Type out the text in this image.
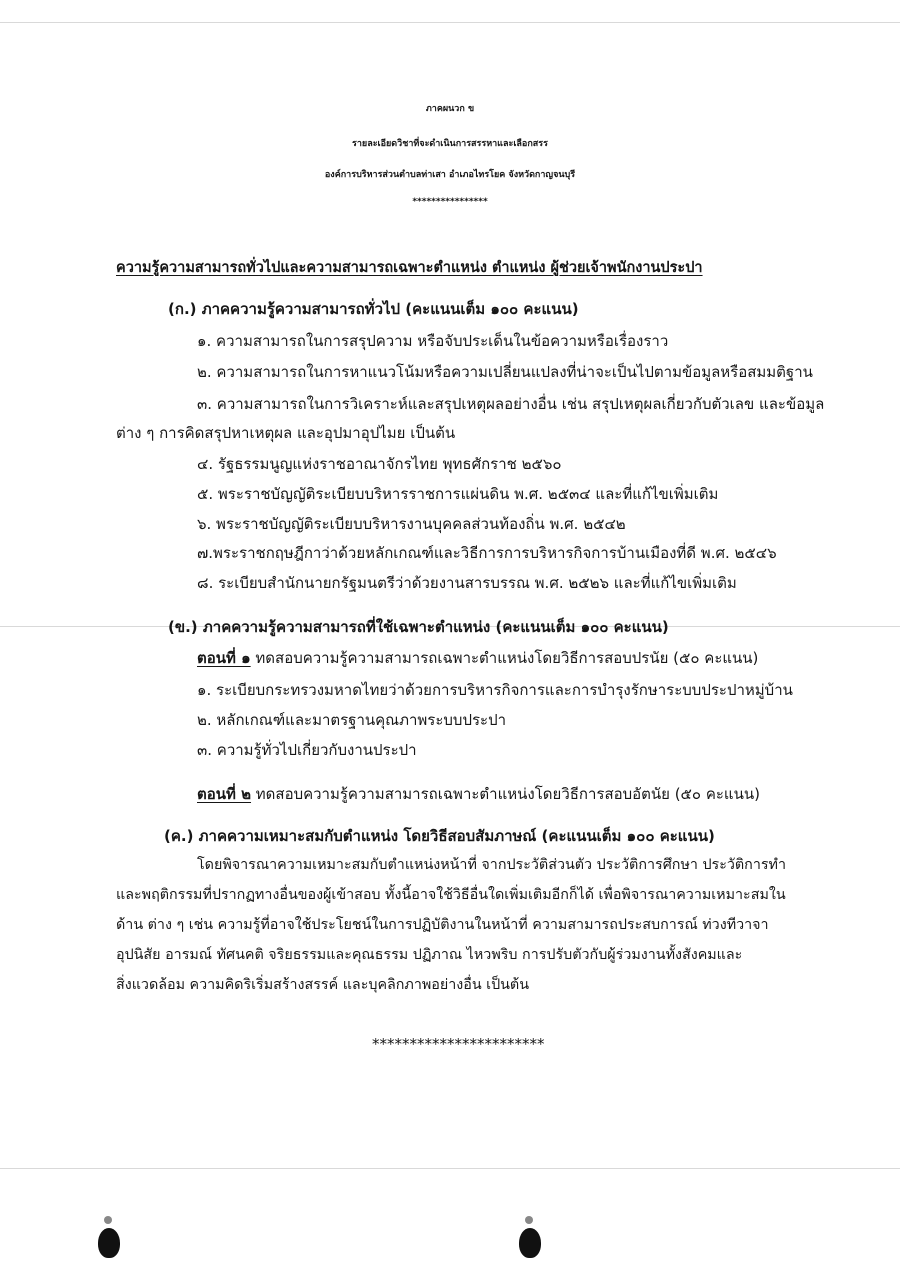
ภาคผนวก ข
รายละเอียดวิชาที่จะดำเนินการสรรหาและเลือกสรร
องค์การบริหารส่วนตำบลท่าเสา อำเภอไทรโยค จังหวัดกาญจนบุรี
****************
ความรู้ความสามารถทั่วไปและความสามารถเฉพาะตำแหน่ง ตำแหน่ง ผู้ช่วยเจ้าพนักงานประปา
(ก.) ภาคความรู้ความสามารถทั่วไป (คะแนนเต็ม ๑๐๐ คะแนน)
๑. ความสามารถในการสรุปความ หรือจับประเด็นในข้อความหรือเรื่องราว
๒. ความสามารถในการหาแนวโน้มหรือความเปลี่ยนแปลงที่น่าจะเป็นไปตามข้อมูลหรือสมมติฐาน
๓. ความสามารถในการวิเคราะห์และสรุปเหตุผลอย่างอื่น เช่น สรุปเหตุผลเกี่ยวกับตัวเลข และข้อมูล
ต่าง ๆ การคิดสรุปหาเหตุผล และอุปมาอุปไมย เป็นต้น
๔. รัฐธรรมนูญแห่งราชอาณาจักรไทย พุทธศักราช ๒๕๖๐
๕. พระราชบัญญัติระเบียบบริหารราชการแผ่นดิน พ.ศ. ๒๕๓๔ และที่แก้ไขเพิ่มเติม
๖. พระราชบัญญัติระเบียบบริหารงานบุคคลส่วนท้องถิ่น พ.ศ. ๒๕๔๒
๗.พระราชกฤษฎีกาว่าด้วยหลักเกณฑ์และวิธีการการบริหารกิจการบ้านเมืองที่ดี พ.ศ. ๒๕๔๖
๘. ระเบียบสำนักนายกรัฐมนตรีว่าด้วยงานสารบรรณ พ.ศ. ๒๕๒๖ และที่แก้ไขเพิ่มเติม
(ข.) ภาคความรู้ความสามารถที่ใช้เฉพาะตำแหน่ง (คะแนนเต็ม ๑๐๐ คะแนน)
ตอนที่ ๑ ทดสอบความรู้ความสามารถเฉพาะตำแหน่งโดยวิธีการสอบปรนัย (๕๐ คะแนน)
๑. ระเบียบกระทรวงมหาดไทยว่าด้วยการบริหารกิจการและการบำรุงรักษาระบบประปาหมู่บ้าน
๒. หลักเกณฑ์และมาตรฐานคุณภาพระบบประปา
๓. ความรู้ทั่วไปเกี่ยวกับงานประปา
ตอนที่ ๒ ทดสอบความรู้ความสามารถเฉพาะตำแหน่งโดยวิธีการสอบอัตนัย (๕๐ คะแนน)
(ค.) ภาคความเหมาะสมกับตำแหน่ง โดยวิธีสอบสัมภาษณ์ (คะแนนเต็ม ๑๐๐ คะแนน)
โดยพิจารณาความเหมาะสมกับตำแหน่งหน้าที่ จากประวัติส่วนตัว ประวัติการศึกษา ประวัติการทำ
และพฤติกรรมที่ปรากฏทางอื่นของผู้เข้าสอบ ทั้งนี้อาจใช้วิธีอื่นใดเพิ่มเติมอีกก็ได้ เพื่อพิจารณาความเหมาะสมใน
ด้าน ต่าง ๆ เช่น ความรู้ที่อาจใช้ประโยชน์ในการปฏิบัติงานในหน้าที่ ความสามารถประสบการณ์ ท่วงทีวาจา
อุปนิสัย อารมณ์ ทัศนคติ จริยธรรมและคุณธรรม ปฏิภาณ ไหวพริบ การปรับตัวกับผู้ร่วมงานทั้งสังคมและ
สิ่งแวดล้อม ความคิดริเริ่มสร้างสรรค์ และบุคลิกภาพอย่างอื่น เป็นต้น
***********************
